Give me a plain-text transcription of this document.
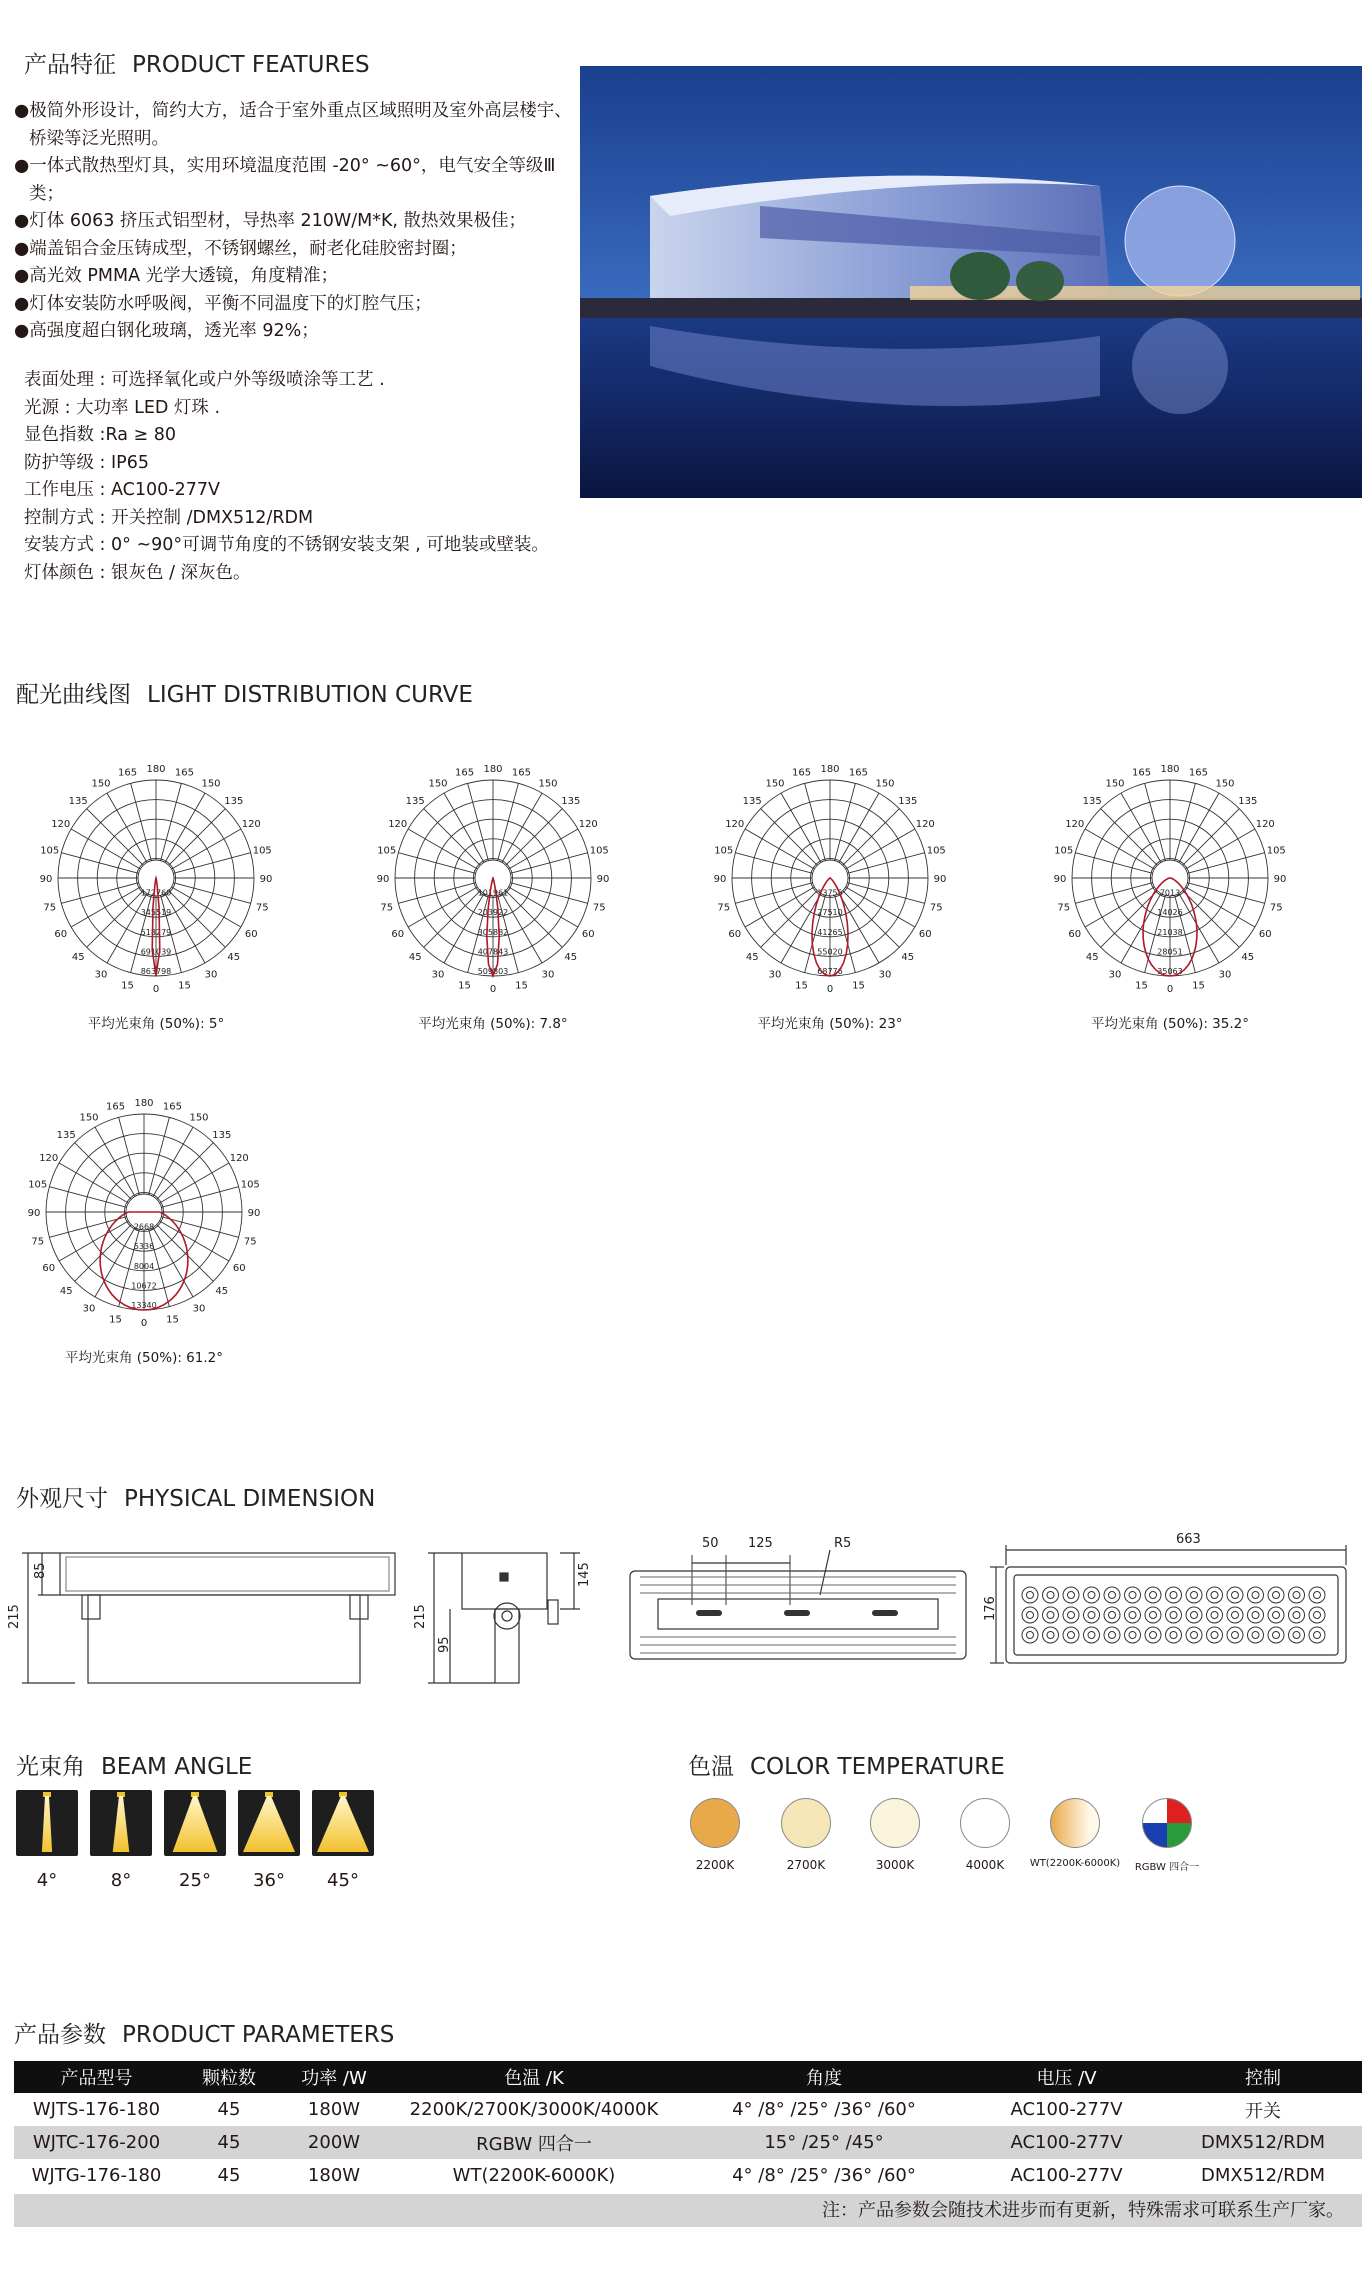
产品特征 PRODUCT FEATURES
●极简外形设计，简约大方，适合于室外重点区域照明及室外高层楼宇、桥梁等泛光照明。
●一体式散热型灯具，实用环境温度范围 -20° ~60°，电气安全等级Ⅲ类；
●灯体 6063 挤压式铝型材，导热率 210W/M*K, 散热效果极佳；
●端盖铝合金压铸成型，不锈钢螺丝，耐老化硅胶密封圈；
●高光效 PMMA 光学大透镜，角度精准；
●灯体安装防水呼吸阀，平衡不同温度下的灯腔气压；
●高强度超白钢化玻璃，透光率 92%；
表面处理 : 可选择氧化或户外等级喷涂等工艺 .
光源 : 大功率 LED 灯珠 .
显色指数 :Ra ≥ 80
防护等级 : IP65
工作电压 : AC100-277V
控制方式 : 开关控制 /DMX512/RDM
安装方式 : 0° ~90°可调节角度的不锈钢安装支架 , 可地装或壁装。
灯体颜色 : 银灰色 / 深灰色。
配光曲线图 LIGHT DISTRIBUTION CURVE
0 15
15
30
30
45
45
60
60
75
75
90
90
105
105
120
120
135
135
150
150
165
165 180
172760
345519
518279
691039
863798
平均光束角 (50%): 5°
0 15
15
30
30
45
45
60
60
75
75
90
90
105
105
120
120
135
135
150
150
165
165 180
101961
203922
305882
407843
509803
平均光束角 (50%): 7.8°
0 15
15
30
30
45
45
60
60
75
75
90
90
105
105
120
120
135
135
150
150
165
165 180
13755
27510
41265
55020
68776
平均光束角 (50%): 23°
0 15
15
30
30
45
45
60
60
75
75
90
90
105
105
120
120
135
135
150
150
165
165 180
7013
14026
21038
28051
35063
平均光束角 (50%): 35.2°
0 15
15
30
30
45
45
60
60
75
75
90
90
105
105
120
120
135
135
150
150
165
165 180
2668
5336
8004
10672
13340
平均光束角 (50%): 61.2°
外观尺寸 PHYSICAL DIMENSION
215
85
215
95
145
50 125	R5	663
176
光束角 BEAM ANGLE
4°	8°	25°	36°	45°
色温 COLOR TEMPERATURE
2200K	2700K	3000K	4000K	WT(2200K-6000K)	RGBW 四合一
产品参数 PRODUCT PARAMETERS
产品型号	颗粒数	功率 /W	色温 /K	角度	电压 /V	控制
WJTS-176-180	45	180W	2200K/2700K/3000K/4000K	4° /8° /25° /36° /60°	AC100-277V	开关
WJTC-176-200	45	200W	RGBW 四合一	15° /25° /45°	AC100-277V	DMX512/RDM
WJTG-176-180	45	180W	WT(2200K-6000K)	4° /8° /25° /36° /60°	AC100-277V	DMX512/RDM
注：产品参数会随技术进步而有更新，特殊需求可联系生产厂家。
